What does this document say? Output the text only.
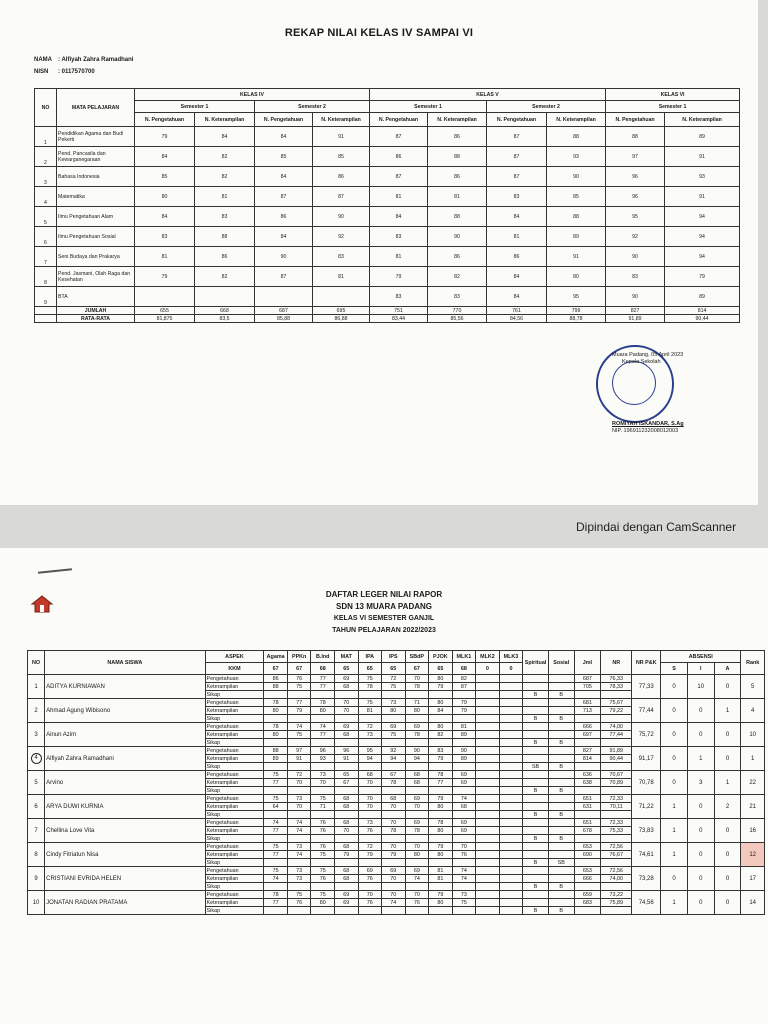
REKAP NILAI KELAS IV SAMPAI VI
NAMA : Alfiyah Zahra Ramadhani
NISN : 0117570700
NO	MATA PELAJARAN	KELAS IV				KELAS V				KELAS VI	
		Semester 1		Semester 2		Semester 1		Semester 2		Semester 1	
		N. Pengetahuan	N. Keterampilan	N. Pengetahuan	N. Keterampilan	N. Pengetahuan	N. Keterampilan	N. Pengetahuan	N. Keterampilan	N. Pengetahuan	N. Keterampilan
1	Pendidikan Agama dan Budi Pekerti	79	84	84	91	87	86	87	88	88	89
2	Pend. Pancasila dan Kewarganegaraan	84	82	85	85	86	88	87	93	97	91
3	Bahasa Indonesia	85	82	84	86	87	86	87	90	96	93
4	Matematika	80	81	87	87	81	81	83	85	96	91
5	Ilmu Pengetahuan Alam	84	83	86	90	84	88	84	88	95	94
6	Ilmu Pengetahuan Sosial	83	88	84	92	83	90	81	89	92	94
7	Seni Budaya dan Prakarya	81	86	90	83	81	86	86	91	90	94
8	Pend. Jasmani, Olah Raga dan Kesehatan	79	82	87	81	79	82	84	80	83	79
9	BTA					83	83	84	95	90	89
	JUMLAH	655	668	687	695	751	770	761	799	827	814
	RATA-RATA	81,875	83,5	85,88	86,88	83,44	85,56	84,56	88,78	91,89	90,44
Muara Padang, 05 April 2023
Kepala Sekolah
ROMIYAH ISKANDAR, S.Ag
NIP. 196911232008012003
Dipindai dengan CamScanner
DAFTAR LEGER NILAI RAPOR
SDN 13 MUARA PADANG
KELAS VI SEMESTER GANJIL
TAHUN PELAJARAN 2022/2023
NO	NAMA SISWA	ASPEK	Agama	PPKn	B.Ind	MAT	IPA	IPS	SBdP	PJOK	MLK1	MLK2	MLK3	Spiritual	Sosial	Jml	NR	NR P&K	ABSENSI			Rank
		KKM	67	67	68	65	65	65	67	65	68	0	0						S	I	A	
1	ADITYA KURNIAWAN	Pengetahuan	86	76	77	69	75	72	70	80	82					687	76,33	77,33	0	10	0	5
		Keterampilan	88	75	77	68	78	75	78	79	87					705	78,33					
		Sikap												B	B							
2	Ahmad Agung Wibisono	Pengetahuan	78	77	78	70	75	73	71	80	79					681	75,67	77,44	0	0	1	4
		Keterampilan	80	79	80	70	81	80	80	84	79					713	79,22					
		Sikap												B	B							
3	Ainun Azim	Pengetahuan	78	74	74	69	72	69	69	80	81					666	74,00	75,72	0	0	0	10
		Keterampilan	80	75	77	68	73	75	78	82	89					697	77,44					
		Sikap												B	B							
4	Alfiyah Zahra Ramadhani	Pengetahuan	88	97	96	96	95	92	90	83	90					827	91,89	91,17	0	1	0	1
		Keterampilan	89	91	93	91	94	94	94	79	89					814	90,44					
		Sikap												SB	B							
5	Arvino	Pengetahuan	75	72	73	65	68	67	68	78	69					636	70,67	70,78	0	3	1	22
		Keterampilan	77	70	70	67	70	78	68	77	69					638	70,89					
		Sikap												B	B							
6	ARYA DUWI KURNIA	Pengetahuan	75	73	75	68	70	68	69	79	74					651	72,33	71,22	1	0	2	21
		Keterampilan	64	70	71	68	70	70	70	80	68					631	70,11					
		Sikap												B	B							
7	Chellina Love Vita	Pengetahuan	74	74	76	68	73	70	69	78	69					651	72,33	73,83	1	0	0	16
		Keterampilan	77	74	76	70	76	78	78	80	69					678	75,33					
		Sikap												B	B							
8	Cindy Fitriatun Nisa	Pengetahuan	75	73	76	68	72	70	70	79	70					653	72,56	74,61	1	0	0	12
		Keterampilan	77	74	75	79	79	79	80	80	76					690	76,67					
		Sikap												B	SB							
9	CRISTIANI EVRIDA HELEN	Pengetahuan	75	73	75	68	69	69	69	81	74					653	72,56	73,28	0	0	0	17
		Keterampilan	74	73	76	68	76	70	74	81	74					666	74,00					
		Sikap												B	B							
10	JONATAN RADIAN PRATAMA	Pengetahuan	78	75	75	69	70	70	70	79	73					659	73,22	74,56	1	0	0	14
		Keterampilan	77	76	80	69	76	74	76	80	75					683	75,89					
		Sikap												B	B							
